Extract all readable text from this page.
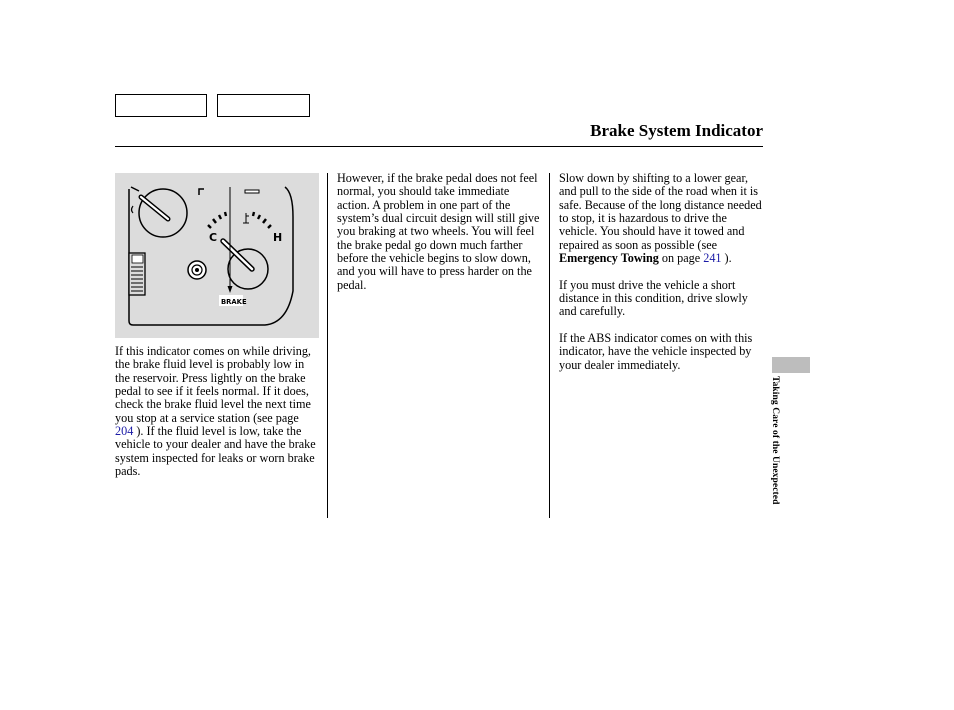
Brake System Indicator
C	H
BRAKE

If this indicator comes on while driving, the brake fluid level is probably low in the reservoir. Press lightly on the brake pedal to see if it feels normal. If it does, check the brake fluid level the next time you stop at a service station (see page 204 ). If the fluid level is low, take the vehicle to your dealer and have the brake system inspected for leaks or worn brake pads.

However, if the brake pedal does not feel normal, you should take immediate action. A problem in one part of the system’s dual circuit design will still give you braking at two wheels. You will feel the brake pedal go down much farther before the vehicle begins to slow down, and you will have to press harder on the pedal.

Slow down by shifting to a lower gear, and pull to the side of the road when it is safe. Because of the long distance needed to stop, it is hazardous to drive the vehicle. You should have it towed and repaired as soon as possible (see Emergency Towing on page 241 ).

If you must drive the vehicle a short distance in this condition, drive slowly and carefully.

If the ABS indicator comes on with this indicator, have the vehicle inspected by your dealer immediately.

Taking Care of the Unexpected
